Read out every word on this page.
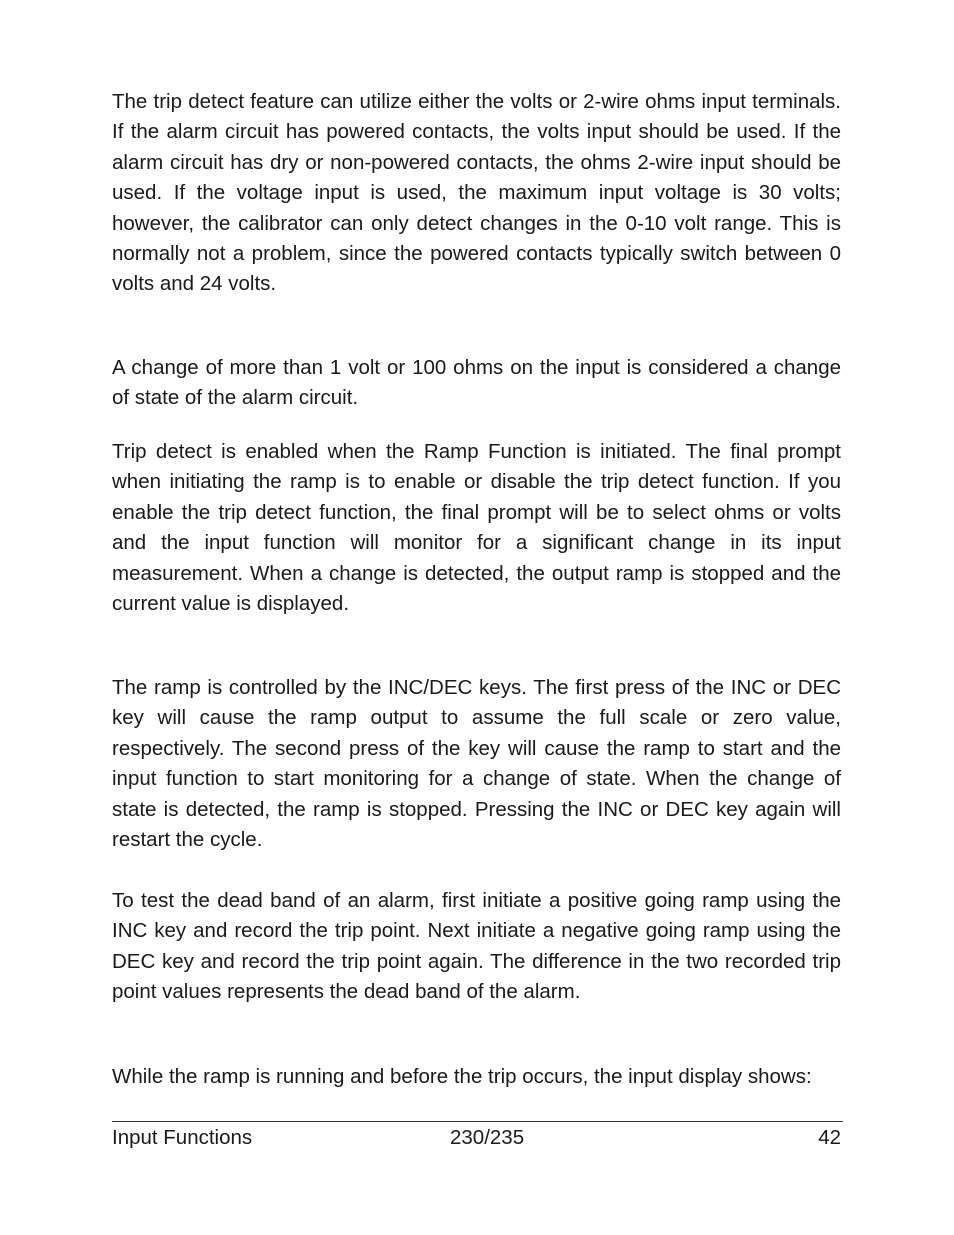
The trip detect feature can utilize either the volts or 2-wire ohms input terminals. If the alarm circuit has powered contacts, the volts input should be used. If the alarm circuit has dry or non-powered contacts, the ohms 2-wire input should be used. If the voltage input is used, the maximum input voltage is 30 volts; however, the calibrator can only detect changes in the 0-10 volt range. This is normally not a problem, since the powered contacts typically switch between 0 volts and 24 volts.

A change of more than 1 volt or 100 ohms on the input is considered a change of state of the alarm circuit.

Trip detect is enabled when the Ramp Function is initiated. The final prompt when initiating the ramp is to enable or disable the trip detect function. If you enable the trip detect function, the final prompt will be to select ohms or volts and the input function will monitor for a significant change in its input measurement. When a change is detected, the output ramp is stopped and the current value is displayed.

The ramp is controlled by the INC/DEC keys. The first press of the INC or DEC key will cause the ramp output to assume the full scale or zero value, respectively. The second press of the key will cause the ramp to start and the input function to start monitoring for a change of state. When the change of state is detected, the ramp is stopped. Pressing the INC or DEC key again will restart the cycle.

To test the dead band of an alarm, first initiate a positive going ramp using the INC key and record the trip point. Next initiate a negative going ramp using the DEC key and record the trip point again. The difference in the two recorded trip point values represents the dead band of the alarm.

While the ramp is running and before the trip occurs, the input display shows:

Input Functions	230/235	42
